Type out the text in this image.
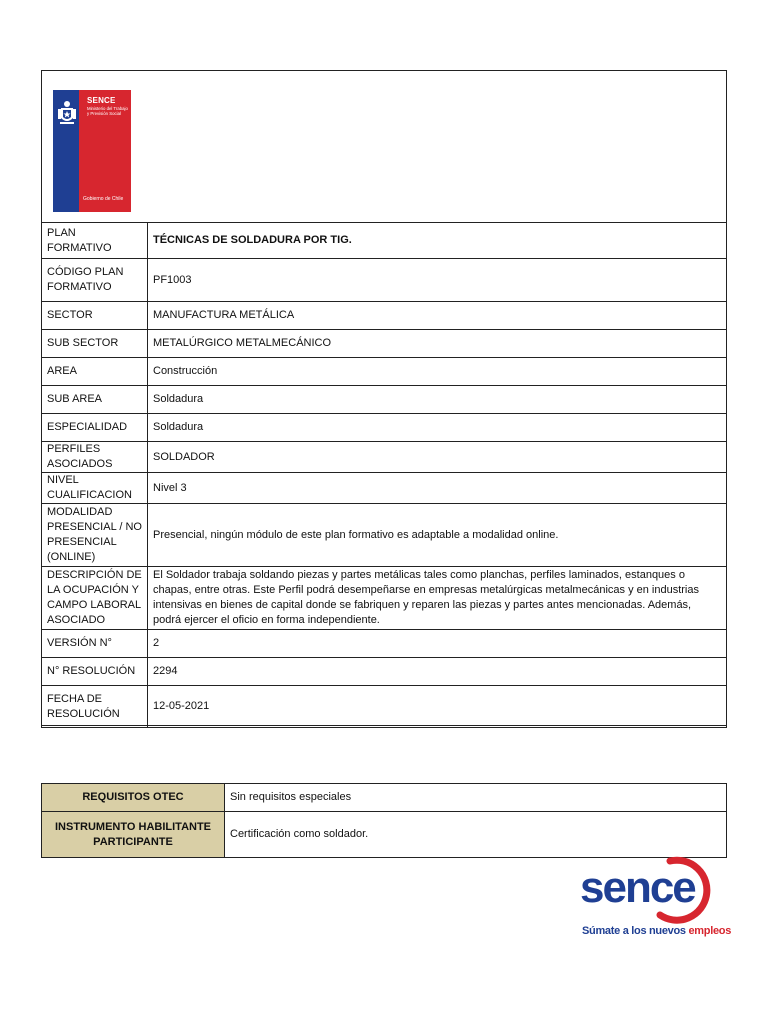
SENCE
Ministerio del Trabajo y Previsión Social
Gobierno de Chile
PLAN FORMATIVO	TÉCNICAS DE SOLDADURA POR TIG.
CÓDIGO PLAN FORMATIVO	PF1003
SECTOR	MANUFACTURA METÁLICA
SUB SECTOR	METALÚRGICO METALMECÁNICO
AREA	Construcción
SUB AREA	Soldadura
ESPECIALIDAD	Soldadura
PERFILES ASOCIADOS	SOLDADOR
NIVEL CUALIFICACION	Nivel 3
MODALIDAD PRESENCIAL / NO PRESENCIAL (ONLINE)	Presencial, ningún módulo de este plan formativo es adaptable a modalidad online.
DESCRIPCIÓN DE LA OCUPACIÓN Y CAMPO LABORAL ASOCIADO	El Soldador trabaja soldando piezas y partes metálicas tales como planchas, perfiles laminados, estanques o chapas, entre otras. Este Perfil podrá desempeñarse en empresas metalúrgicas metalmecánicas y en industrias intensivas en bienes de capital donde se fabriquen y reparen las piezas y partes antes mencionadas. Además, podrá ejercer el oficio en forma independiente.
VERSIÓN N°	2
N° RESOLUCIÓN	2294
FECHA DE RESOLUCIÓN	12-05-2021
REQUISITOS OTEC	Sin requisitos especiales
INSTRUMENTO HABILITANTE PARTICIPANTE	Certificación como soldador.
sence
Súmate a los nuevos empleos
